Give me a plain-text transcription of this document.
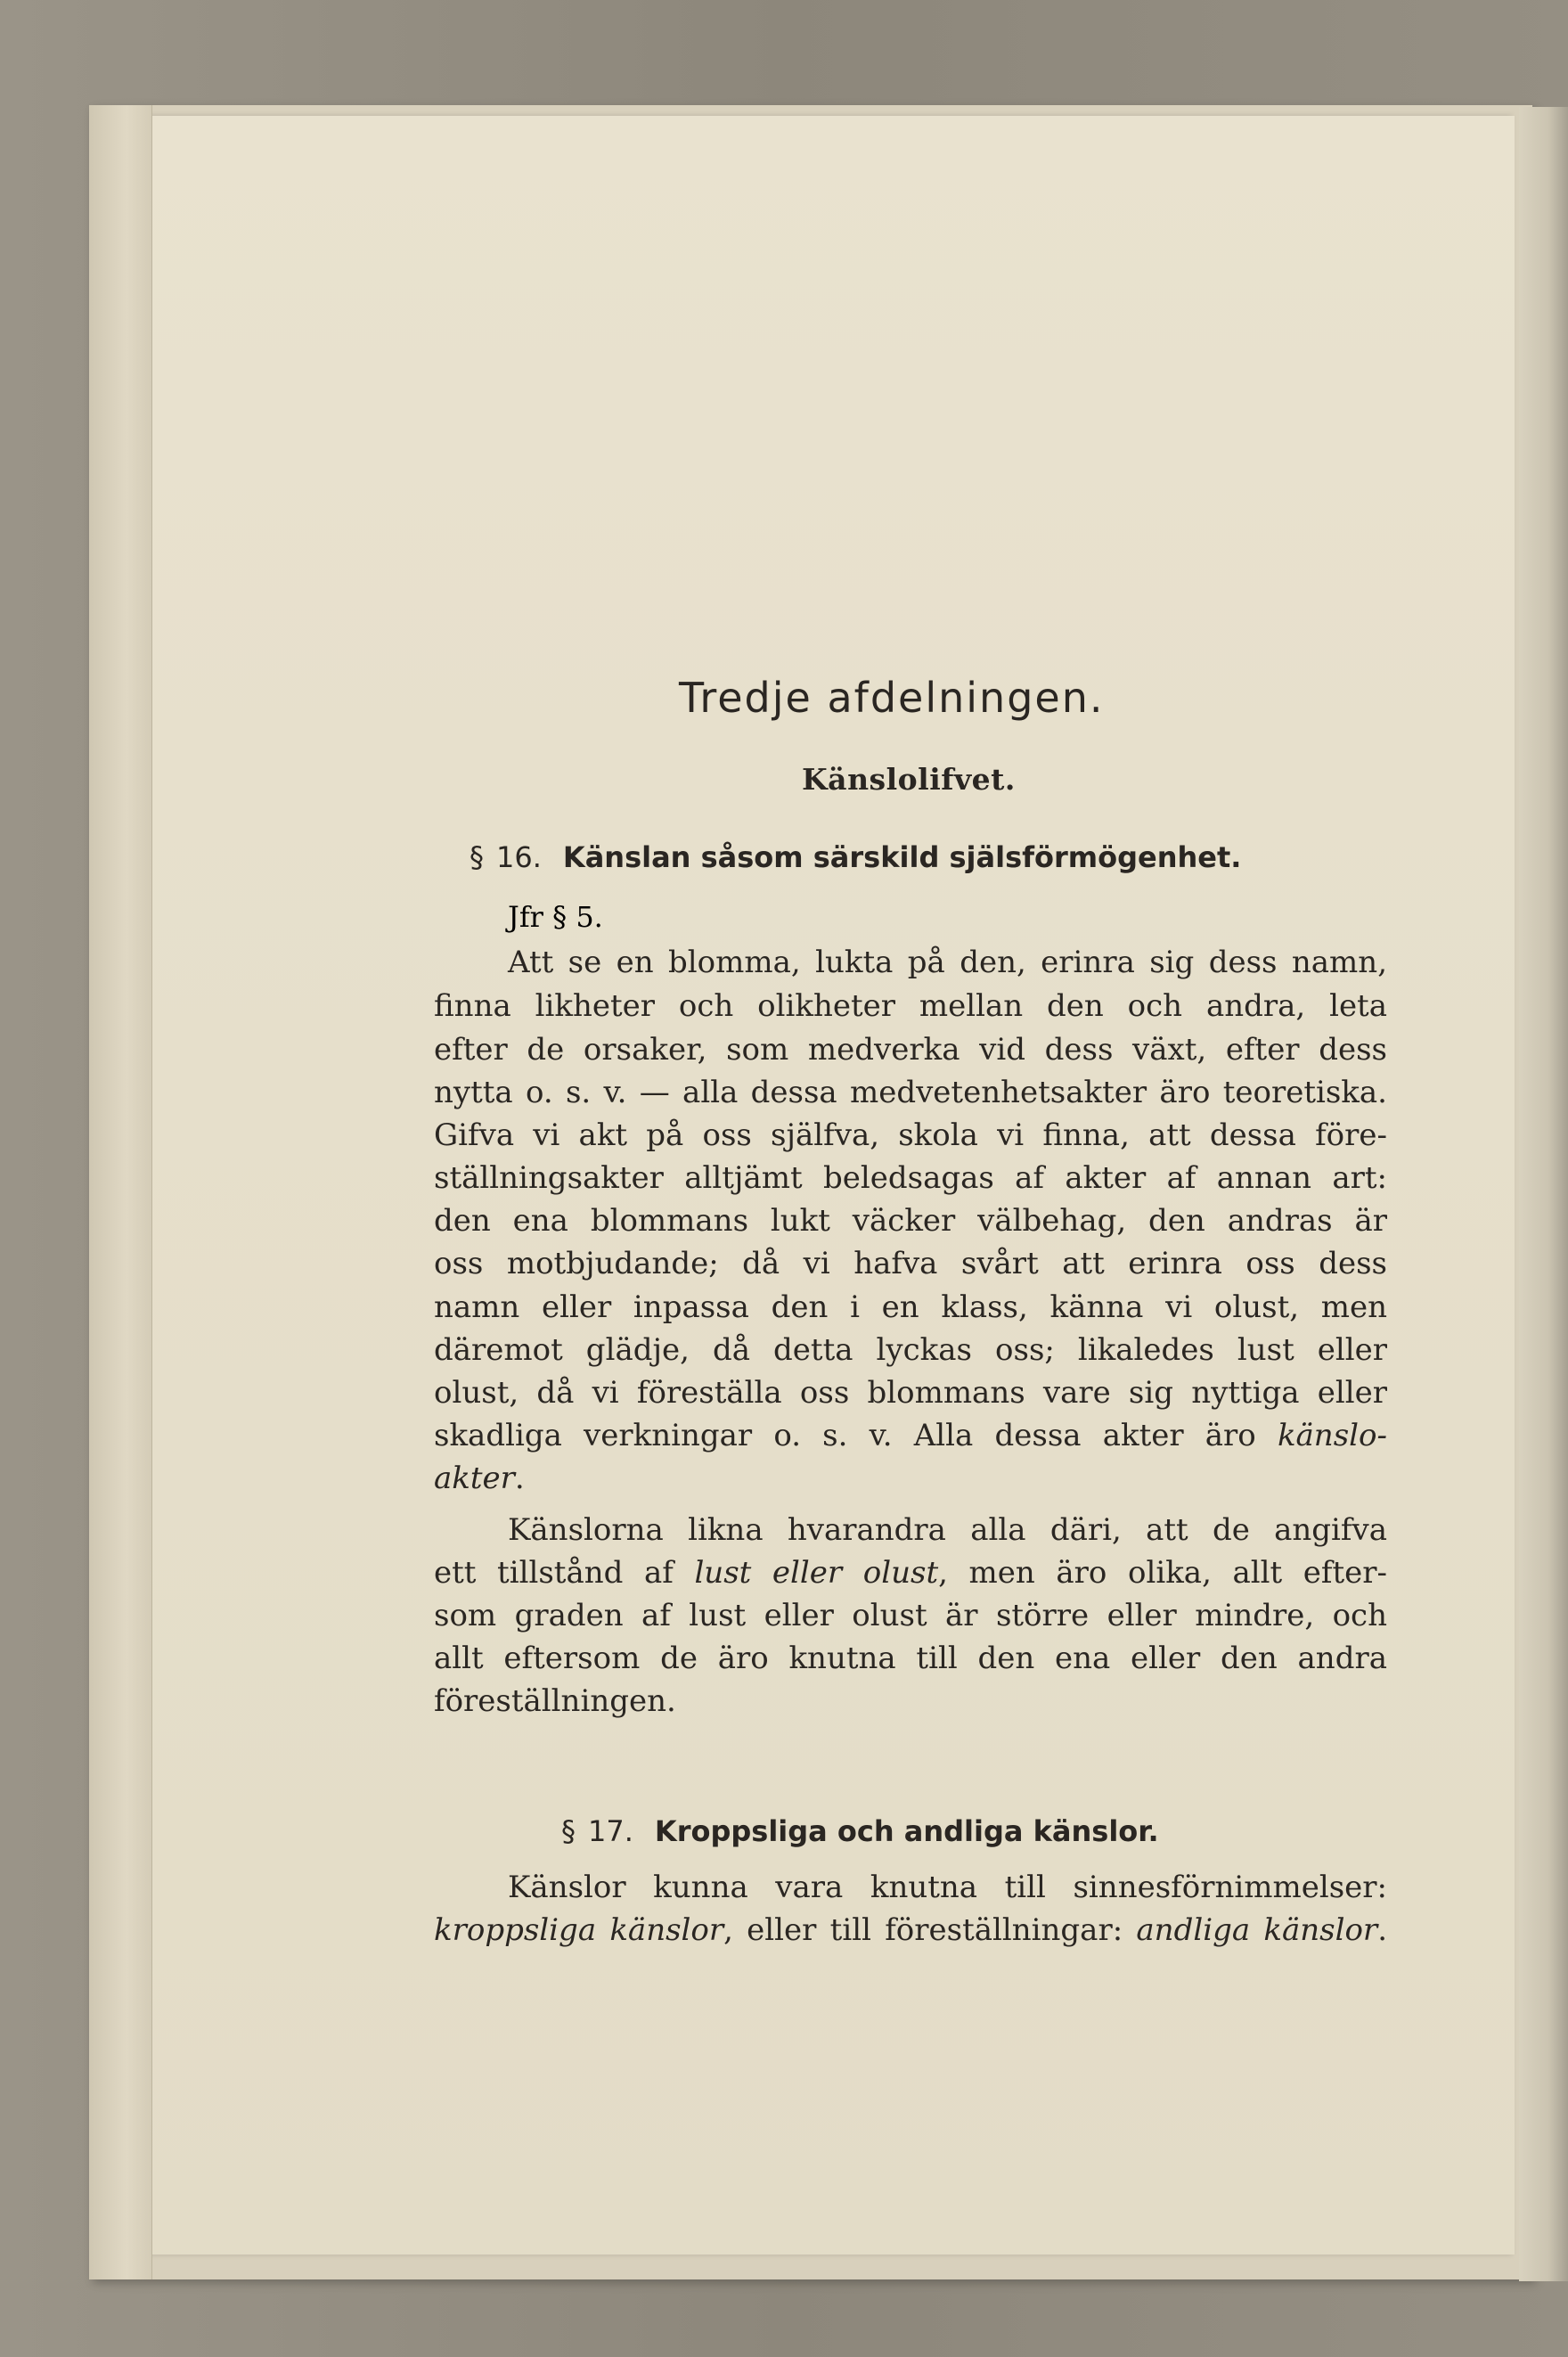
Tredje afdelningen.
Känslolifvet.
§ 16. Känslan såsom särskild själsförmögenhet.
Jfr § 5.
Att se en blomma, lukta på den, erinra sig dess namn,
finna likheter och olikheter mellan den och andra, leta
efter de orsaker, som medverka vid dess växt, efter dess
nytta o. s. v. — alla dessa medvetenhetsakter äro teoretiska.
Gifva vi akt på oss själfva, skola vi finna, att dessa före-
ställningsakter alltjämt beledsagas af akter af annan art:
den ena blommans lukt väcker välbehag, den andras är
oss motbjudande; då vi hafva svårt att erinra oss dess
namn eller inpassa den i en klass, känna vi olust, men
däremot glädje, då detta lyckas oss; likaledes lust eller
olust, då vi föreställa oss blommans vare sig nyttiga eller
skadliga verkningar o. s. v. Alla dessa akter äro känslo-
akter.
Känslorna likna hvarandra alla däri, att de angifva
ett tillstånd af lust eller olust, men äro olika, allt efter-
som graden af lust eller olust är större eller mindre, och
allt eftersom de äro knutna till den ena eller den andra
föreställningen.
§ 17. Kroppsliga och andliga känslor.
Känslor kunna vara knutna till sinnesförnimmelser:
kroppsliga känslor, eller till föreställningar: andliga känslor.
